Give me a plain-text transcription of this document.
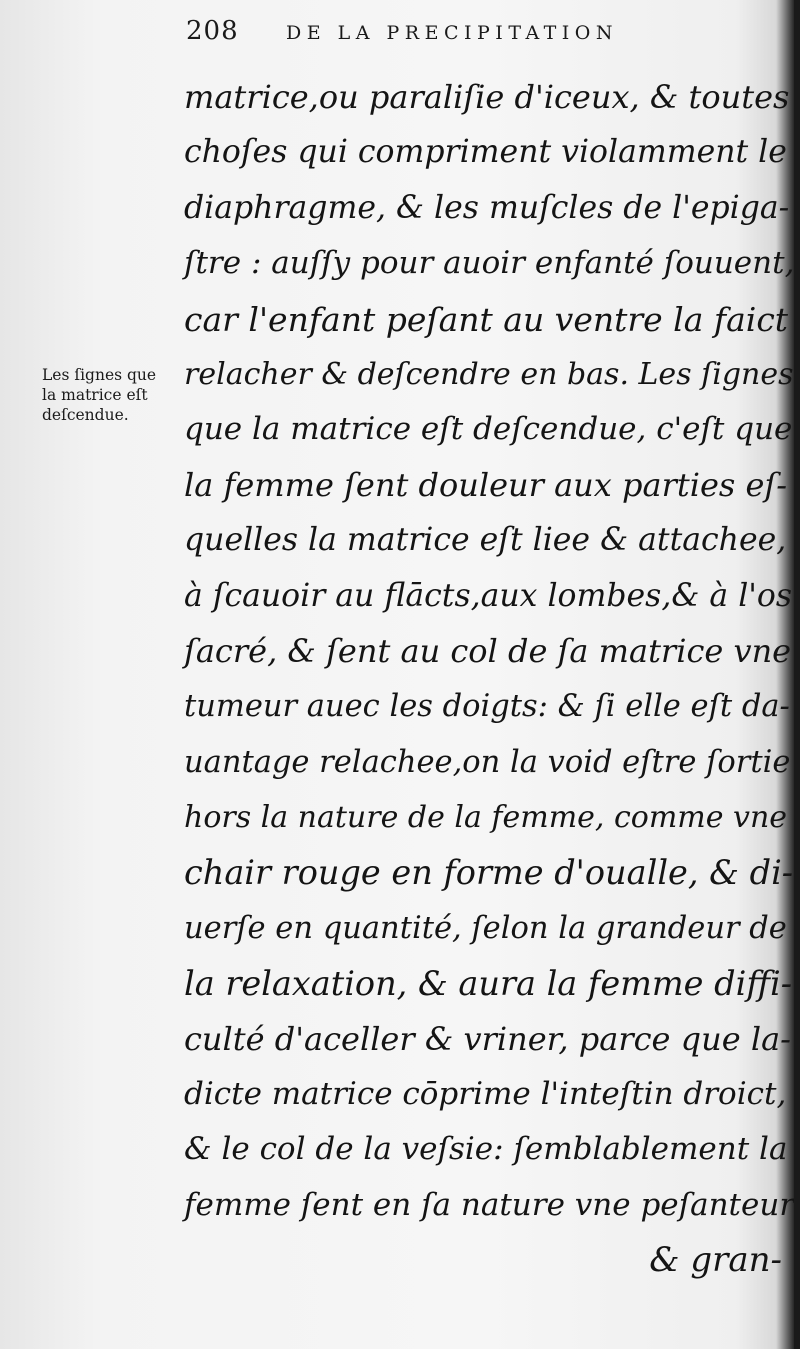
208 DE LA PRECIPITATION
Les ſignes que
la matrice eſt
deſcendue.
matrice,ou paraliſie d'iceux, & toutes
choſes qui compriment violamment le
diaphragme, & les muſcles de l'epiga-
ſtre : auſſy pour auoir enfanté ſouuent,
car l'enfant peſant au ventre la faict
relacher & deſcendre en bas. Les ſignes
que la matrice eſt deſcendue, c'eſt que
la femme ſent douleur aux parties eſ-
quelles la matrice eſt liee & attachee,
à ſcauoir au flācts,aux lombes,& à l'os
ſacré, & ſent au col de ſa matrice vne
tumeur auec les doigts: & ſi elle eſt da-
uantage relachee,on la void eſtre ſortie
hors la nature de la femme, comme vne
chair rouge en forme d'oualle, & di-
uerſe en quantité, ſelon la grandeur de
la relaxation, & aura la femme diffi-
culté d'aceller & vriner, parce que la-
dicte matrice cōprime l'inteſtin droict,
& le col de la veſsie: ſemblablement la
femme ſent en ſa nature vne peſanteur
& gran-
